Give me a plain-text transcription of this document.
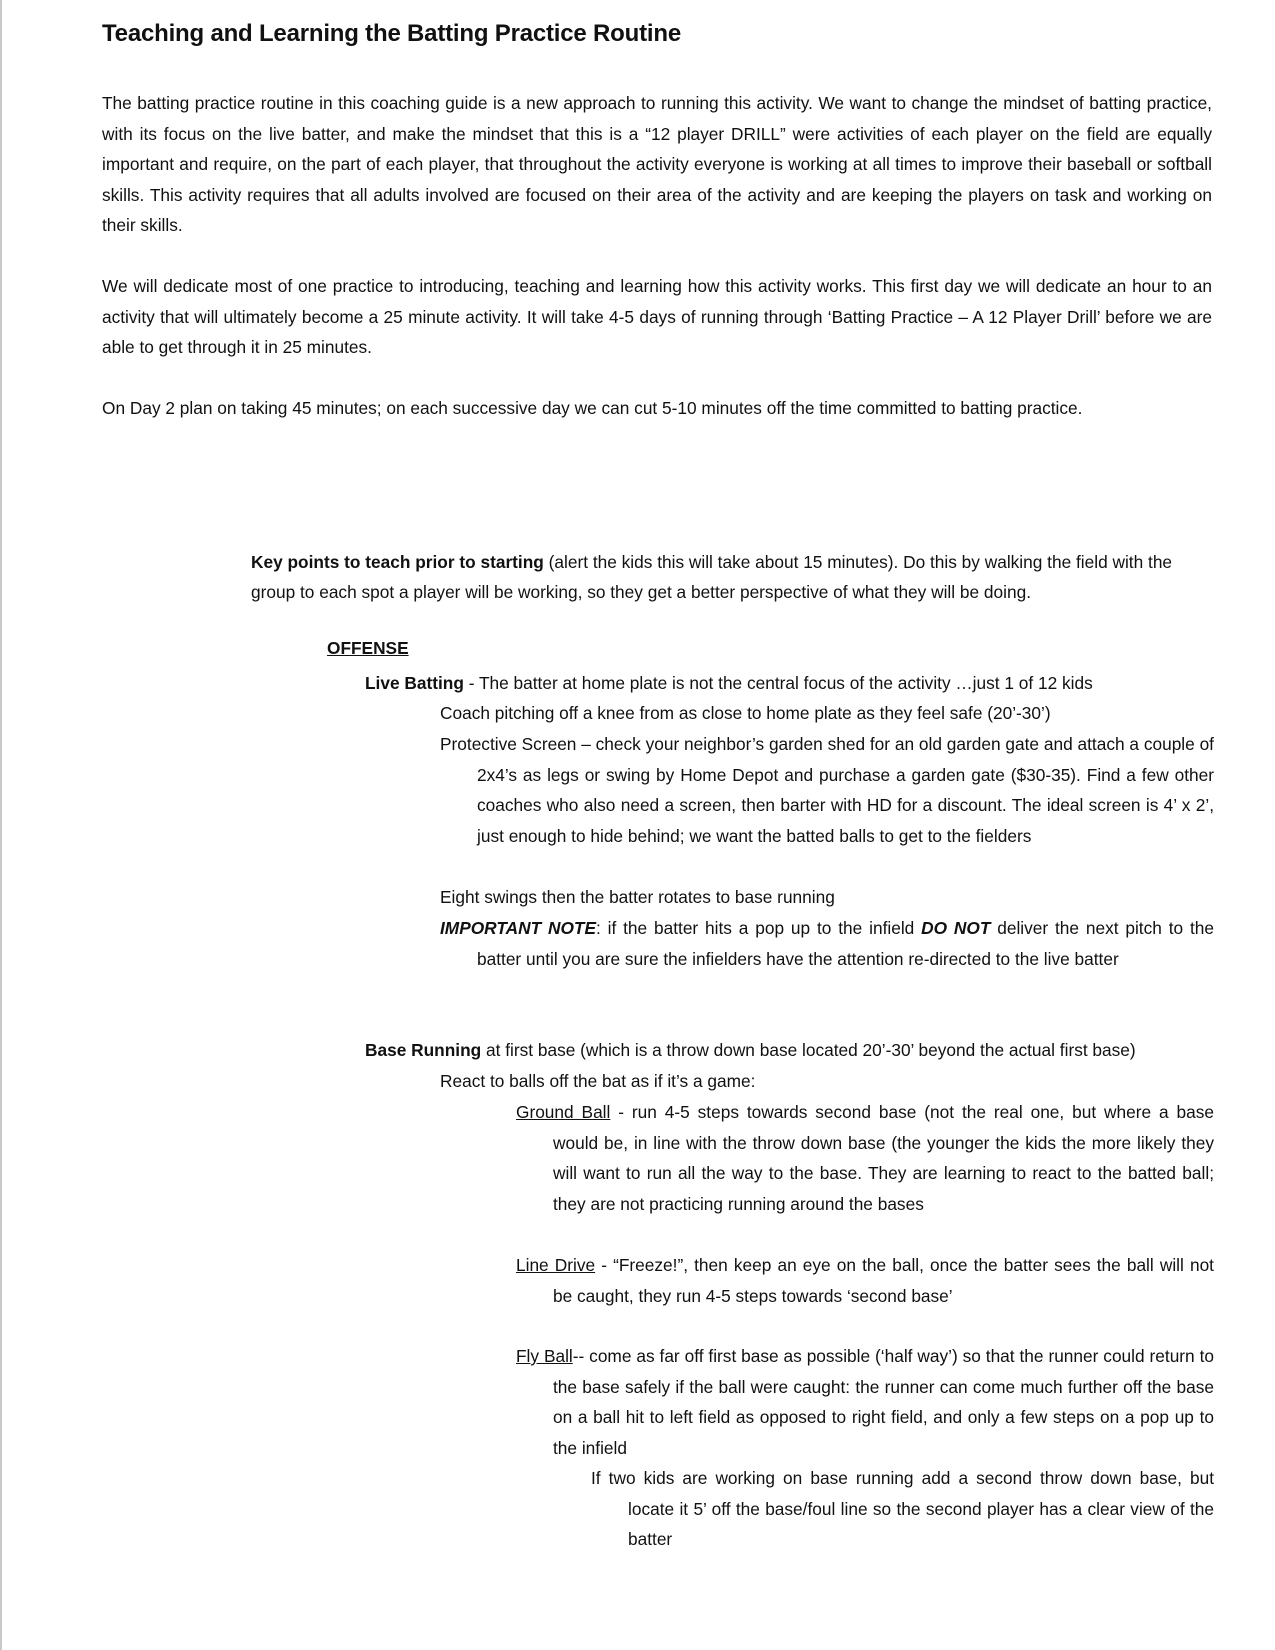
Teaching and Learning the Batting Practice Routine
The batting practice routine in this coaching guide is a new approach to running this activity. We want to change the mindset of batting practice, with its focus on the live batter, and make the mindset that this is a “12 player DRILL” were activities of each player on the field are equally important and require, on the part of each player, that throughout the activity everyone is working at all times to improve their baseball or softball skills. This activity requires that all adults involved are focused on their area of the activity and are keeping the players on task and working on their skills.
We will dedicate most of one practice to introducing, teaching and learning how this activity works. This first day we will dedicate an hour to an activity that will ultimately become a 25 minute activity. It will take 4-5 days of running through ‘Batting Practice – A 12 Player Drill’ before we are able to get through it in 25 minutes.
On Day 2 plan on taking 45 minutes; on each successive day we can cut 5-10 minutes off the time committed to batting practice.
Key points to teach prior to starting (alert the kids this will take about 15 minutes). Do this by walking the field with the group to each spot a player will be working, so they get a better perspective of what they will be doing.
OFFENSE
Live Batting - The batter at home plate is not the central focus of the activity …just 1 of 12 kids
Coach pitching off a knee from as close to home plate as they feel safe (20’-30’)
Protective Screen – check your neighbor’s garden shed for an old garden gate and attach a couple of 2x4’s as legs or swing by Home Depot and purchase a garden gate ($30-35). Find a few other coaches who also need a screen, then barter with HD for a discount. The ideal screen is 4’ x 2’, just enough to hide behind; we want the batted balls to get to the fielders
Eight swings then the batter rotates to base running
IMPORTANT NOTE: if the batter hits a pop up to the infield DO NOT deliver the next pitch to the batter until you are sure the infielders have the attention re-directed to the live batter
Base Running at first base (which is a throw down base located 20’-30’ beyond the actual first base)
React to balls off the bat as if it’s a game:
Ground Ball - run 4-5 steps towards second base (not the real one, but where a base would be, in line with the throw down base (the younger the kids the more likely they will want to run all the way to the base. They are learning to react to the batted ball; they are not practicing running around the bases
Line Drive - “Freeze!”, then keep an eye on the ball, once the batter sees the ball will not be caught, they run 4-5 steps towards ‘second base’
Fly Ball-- come as far off first base as possible (‘half way’) so that the runner could return to the base safely if the ball were caught: the runner can come much further off the base on a ball hit to left field as opposed to right field, and only a few steps on a pop up to the infield
If two kids are working on base running add a second throw down base, but locate it 5’ off the base/foul line so the second player has a clear view of the batter
